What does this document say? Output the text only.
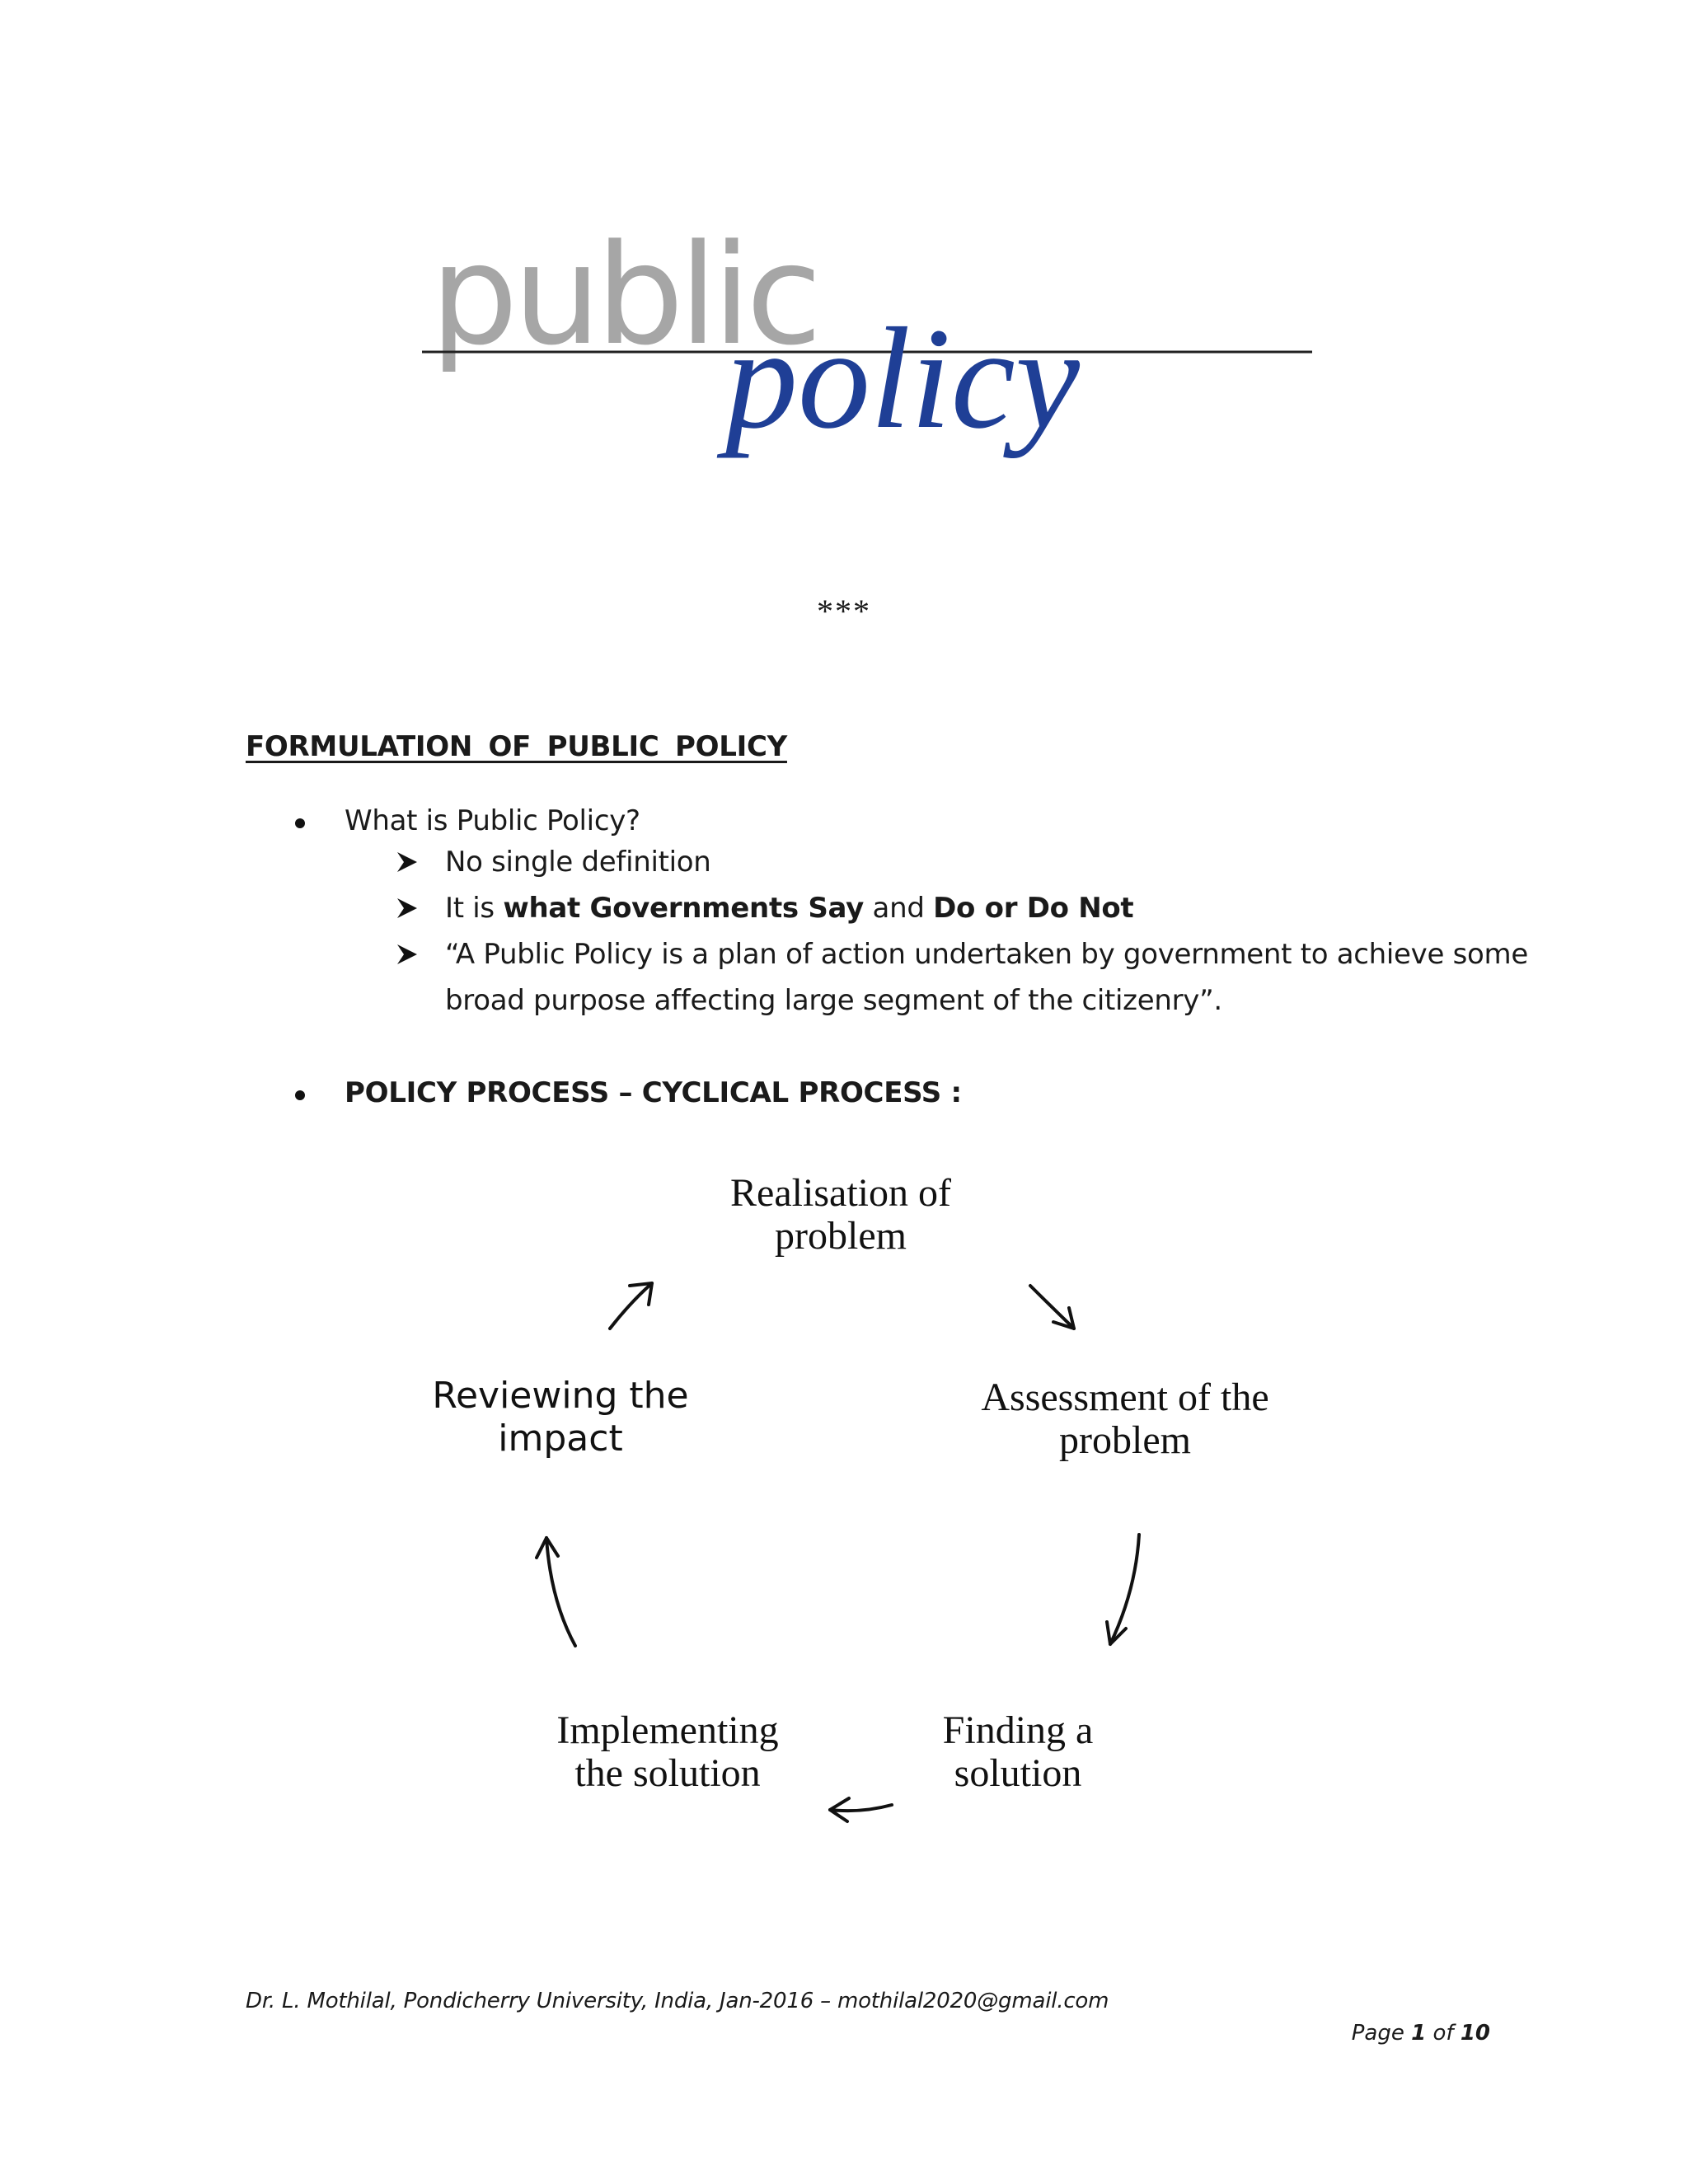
public
policy
***
FORMULATION OF PUBLIC POLICY
What is Public Policy?
No single definition
It is what Governments Say and Do or Do Not
“A Public Policy is a plan of action undertaken by government to achieve some
broad purpose affecting large segment of the citizenry”.
POLICY PROCESS – CYCLICAL PROCESS :
Realisation of
problem
Assessment of the
problem
Finding a
solution
Implementing
the solution
Reviewing the
impact
Dr. L. Mothilal, Pondicherry University, India, Jan-2016 – mothilal2020@gmail.com
Page 1 of 10
